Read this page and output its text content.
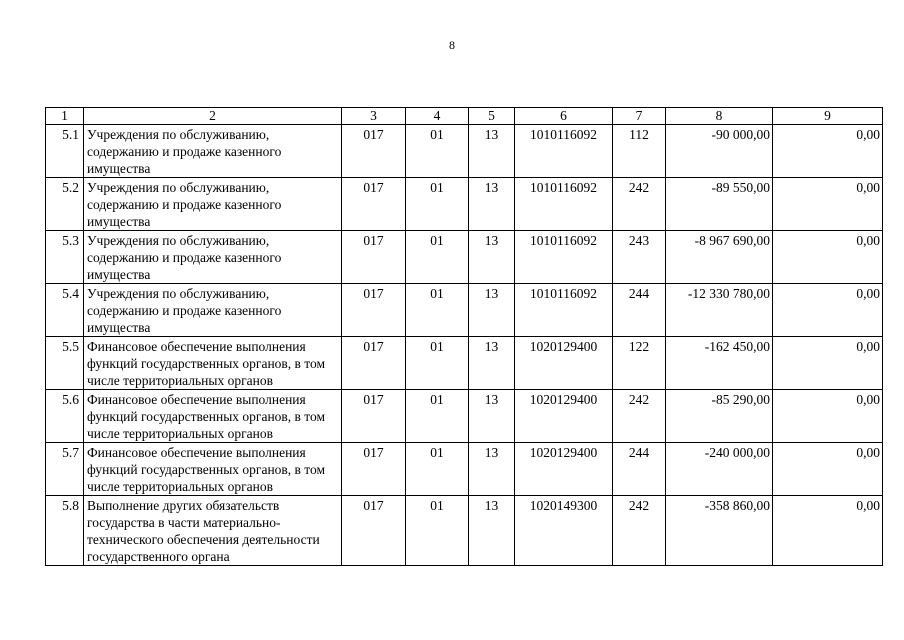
8
1	2	3	4	5	6	7	8	9
5.1	Учреждения по обслуживанию, содержанию и продаже казенного имущества	017	01	13	1010116092	112	-90 000,00	0,00
5.2	Учреждения по обслуживанию, содержанию и продаже казенного имущества	017	01	13	1010116092	242	-89 550,00	0,00
5.3	Учреждения по обслуживанию, содержанию и продаже казенного имущества	017	01	13	1010116092	243	-8 967 690,00	0,00
5.4	Учреждения по обслуживанию, содержанию и продаже казенного имущества	017	01	13	1010116092	244	-12 330 780,00	0,00
5.5	Финансовое обеспечение выполнения функций государственных органов, в том числе территориальных органов	017	01	13	1020129400	122	-162 450,00	0,00
5.6	Финансовое обеспечение выполнения функций государственных органов, в том числе территориальных органов	017	01	13	1020129400	242	-85 290,00	0,00
5.7	Финансовое обеспечение выполнения функций государственных органов, в том числе территориальных органов	017	01	13	1020129400	244	-240 000,00	0,00
5.8	Выполнение других обязательств государства в части материально-технического обеспечения деятельности государственного органа	017	01	13	1020149300	242	-358 860,00	0,00
